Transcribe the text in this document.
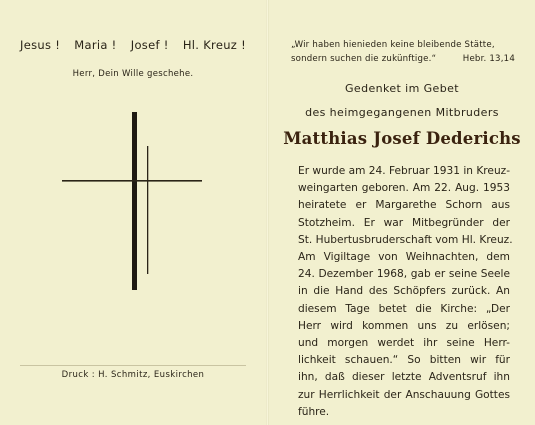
Jesus ! Maria ! Josef ! Hl. Kreuz !
Herr, Dein Wille geschehe.
Druck : H. Schmitz, Euskirchen
„Wir haben hienieden keine bleibende Stätte,
sondern suchen die zukünftige.“	Hebr. 13,14
Gedenket im Gebet
des heimgegangenen Mitbruders
Matthias Josef Dederichs
Er wurde am 24. Februar 1931 in Kreuz-
weingarten geboren. Am 22. Aug. 1953
heiratete er Margarethe Schorn aus
Stotzheim. Er war Mitbegründer der
St. Hubertusbruderschaft vom Hl. Kreuz.
Am Vigiltage von Weihnachten, dem
24. Dezember 1968, gab er seine Seele
in die Hand des Schöpfers zurück. An
diesem Tage betet die Kirche: „Der
Herr wird kommen uns zu erlösen;
und morgen werdet ihr seine Herr-
lichkeit schauen.“ So bitten wir für
ihn, daß dieser letzte Adventsruf ihn
zur Herrlichkeit der Anschauung Gottes
führe.
